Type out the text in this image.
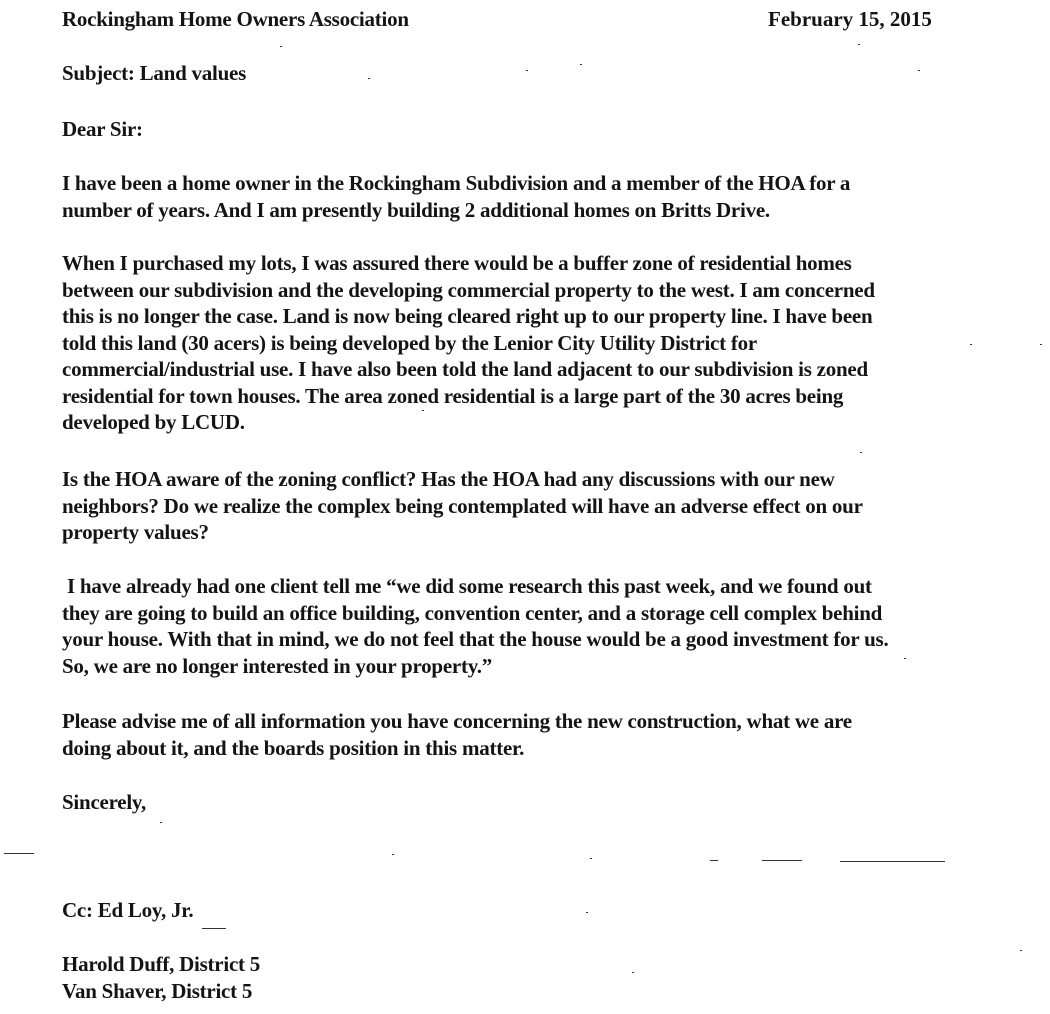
Rockingham Home Owners Association	February 15, 2015
Subject: Land values
Dear Sir:
I have been a home owner in the Rockingham Subdivision and a member of the HOA for a
number of years. And I am presently building 2 additional homes on Britts Drive.
When I purchased my lots, I was assured there would be a buffer zone of residential homes
between our subdivision and the developing commercial property to the west. I am concerned
this is no longer the case. Land is now being cleared right up to our property line. I have been
told this land (30 acers) is being developed by the Lenior City Utility District for
commercial/industrial use. I have also been told the land adjacent to our subdivision is zoned
residential for town houses. The area zoned residential is a large part of the 30 acres being
developed by LCUD.
Is the HOA aware of the zoning conflict? Has the HOA had any discussions with our new
neighbors? Do we realize the complex being contemplated will have an adverse effect on our
property values?
I have already had one client tell me “we did some research this past week, and we found out
they are going to build an office building, convention center, and a storage cell complex behind
your house. With that in mind, we do not feel that the house would be a good investment for us.
So, we are no longer interested in your property.”
Please advise me of all information you have concerning the new construction, what we are
doing about it, and the boards position in this matter.
Sincerely,
Cc: Ed Loy, Jr.
Harold Duff, District 5
Van Shaver, District 5
